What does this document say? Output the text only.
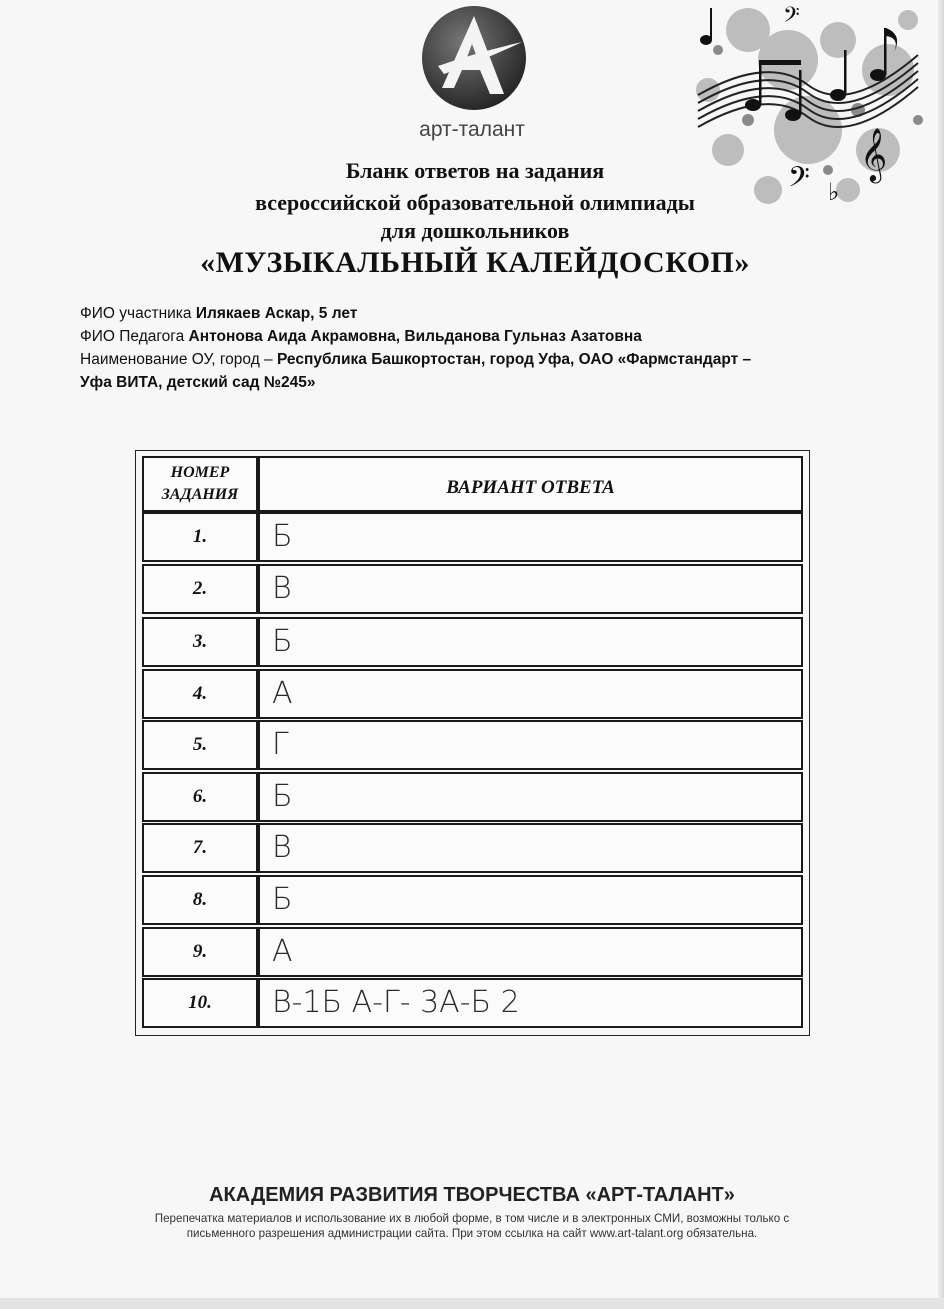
арт-талант	𝄞
𝄢 ♭
𝄢
Бланк ответов на задания
всероссийской образовательной олимпиады
для дошкольников
«МУЗЫКАЛЬНЫЙ КАЛЕЙДОСКОП»
ФИО участника Илякаев Аскар, 5 лет
ФИО Педагога Антонова Аида Акрамовна, Вильданова Гульназ Азатовна
Наименование ОУ, город – Республика Башкортостан, город Уфа, ОАО «Фармстандарт –
Уфа ВИТА, детский сад №245»
НОМЕР
ЗАДАНИЯ	ВАРИАНТ ОТВЕТА
1.	Б
2.	В
3.	Б
4.	А
5.	Г
6.	Б
7.	В
8.	Б
9.	А
10.	В-1Б А-Г- 3А-Б 2
АКАДЕМИЯ РАЗВИТИЯ ТВОРЧЕСТВА «АРТ-ТАЛАНТ»
Перепечатка материалов и использование их в любой форме, в том числе и в электронных СМИ, возможны только с
письменного разрешения администрации сайта. При этом ссылка на сайт www.art-talant.org обязательна.
